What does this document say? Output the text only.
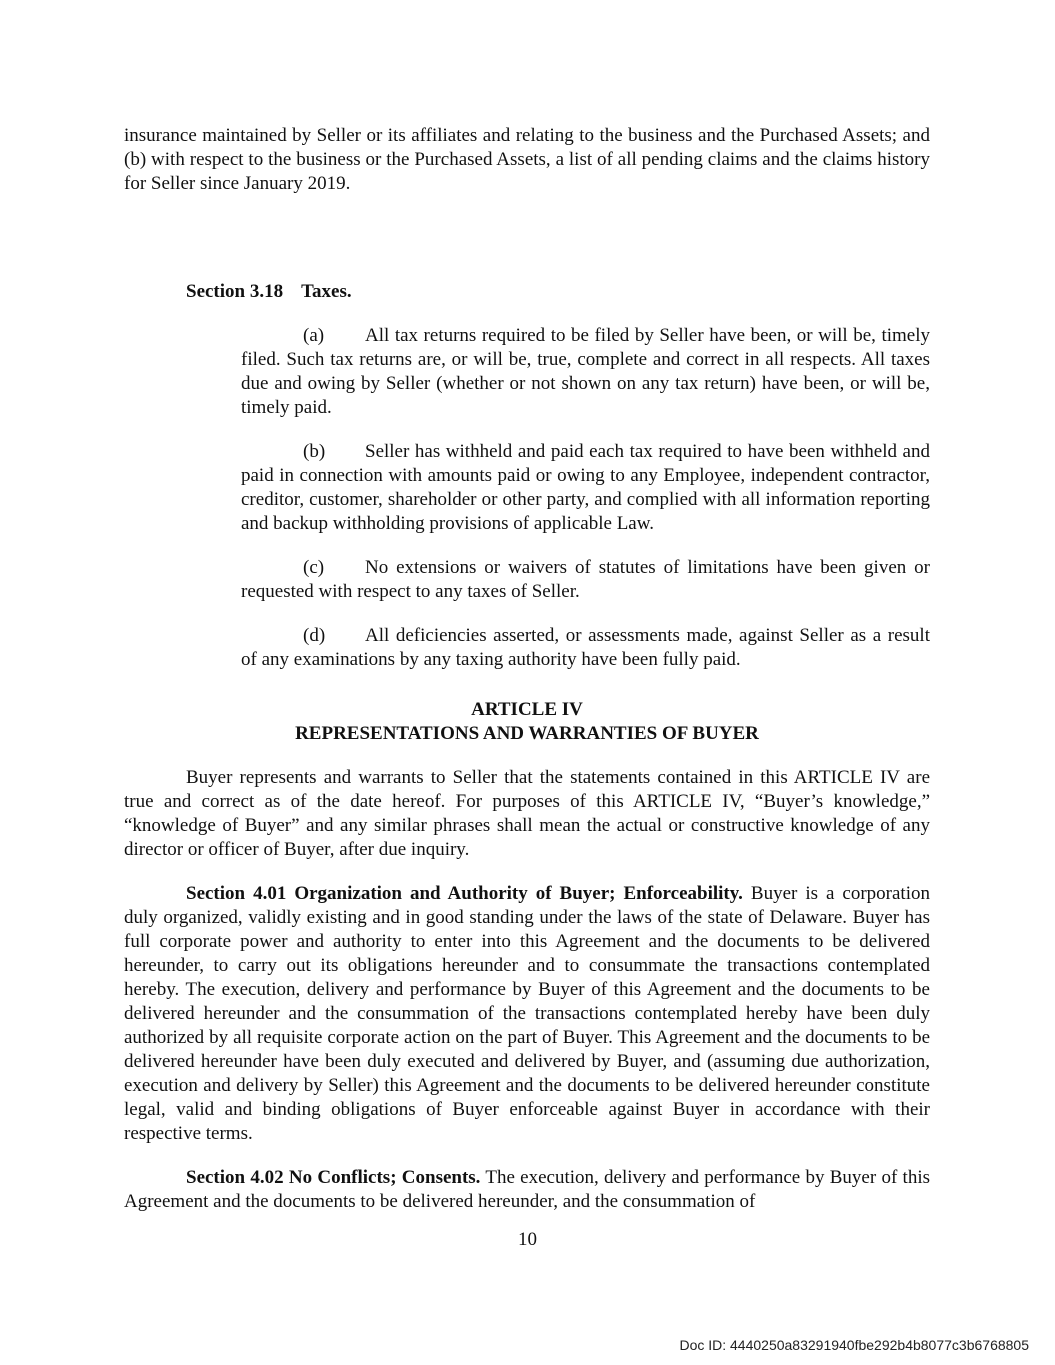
insurance maintained by Seller or its affiliates and relating to the business and the Purchased Assets; and (b) with respect to the business or the Purchased Assets, a list of all pending claims and the claims history for Seller since January 2019.

Section 3.18 Taxes.

(a) All tax returns required to be filed by Seller have been, or will be, timely filed. Such tax returns are, or will be, true, complete and correct in all respects. All taxes due and owing by Seller (whether or not shown on any tax return) have been, or will be, timely paid.

(b) Seller has withheld and paid each tax required to have been withheld and paid in connection with amounts paid or owing to any Employee, independent contractor, creditor, customer, shareholder or other party, and complied with all information reporting and backup withholding provisions of applicable Law.

(c) No extensions or waivers of statutes of limitations have been given or requested with respect to any taxes of Seller.

(d) All deficiencies asserted, or assessments made, against Seller as a result of any examinations by any taxing authority have been fully paid.

ARTICLE IV
REPRESENTATIONS AND WARRANTIES OF BUYER

Buyer represents and warrants to Seller that the statements contained in this ARTICLE IV are true and correct as of the date hereof. For purposes of this ARTICLE IV, “Buyer’s knowledge,” “knowledge of Buyer” and any similar phrases shall mean the actual or constructive knowledge of any director or officer of Buyer, after due inquiry.

Section 4.01 Organization and Authority of Buyer; Enforceability. Buyer is a corporation duly organized, validly existing and in good standing under the laws of the state of Delaware. Buyer has full corporate power and authority to enter into this Agreement and the documents to be delivered hereunder, to carry out its obligations hereunder and to consummate the transactions contemplated hereby. The execution, delivery and performance by Buyer of this Agreement and the documents to be delivered hereunder and the consummation of the transactions contemplated hereby have been duly authorized by all requisite corporate action on the part of Buyer. This Agreement and the documents to be delivered hereunder have been duly executed and delivered by Buyer, and (assuming due authorization, execution and delivery by Seller) this Agreement and the documents to be delivered hereunder constitute legal, valid and binding obligations of Buyer enforceable against Buyer in accordance with their respective terms.

Section 4.02 No Conflicts; Consents. The execution, delivery and performance by Buyer of this Agreement and the documents to be delivered hereunder, and the consummation of

10
Doc ID: 4440250a83291940fbe292b4b8077c3b6768805
